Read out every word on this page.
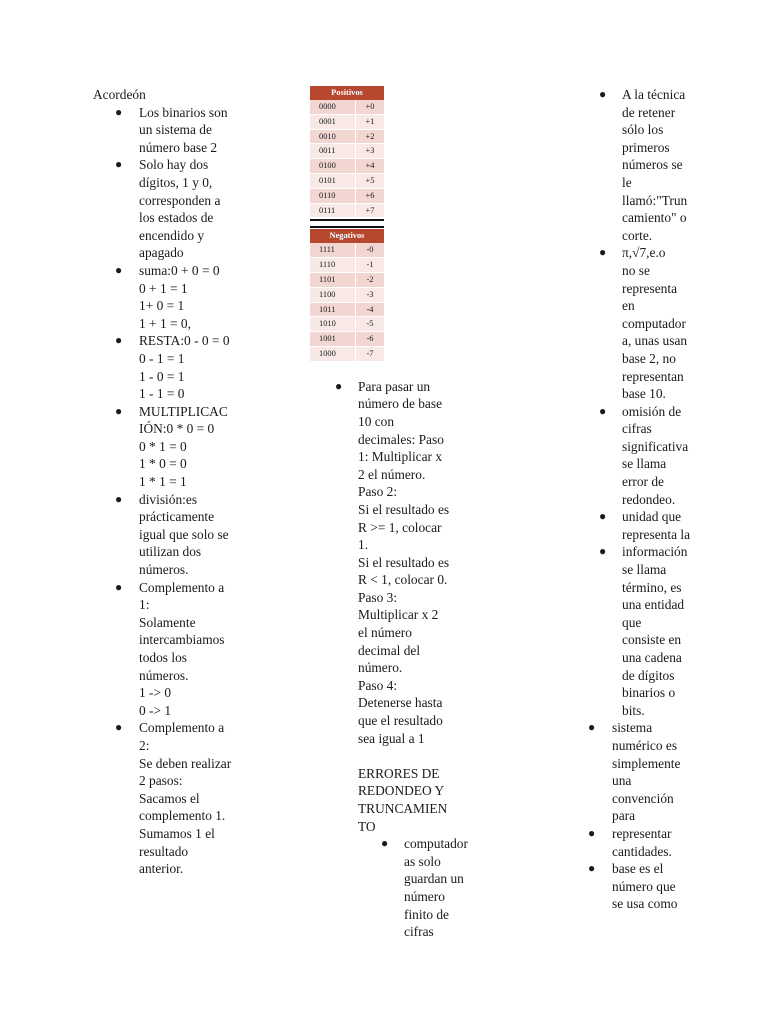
Acordeón
● Los binarios son
un sistema de
número base 2
● Solo hay dos
dígitos, 1 y 0,
corresponden a
los estados de
encendido y
apagado
● suma:0 + 0 = 0
0 + 1 = 1
1+ 0 = 1
1 + 1 = 0,
● RESTA:0 - 0 = 0
0 - 1 = 1
1 - 0 = 1
1 - 1 = 0
● MULTIPLICAC
IÓN:0 * 0 = 0
0 * 1 = 0
1 * 0 = 0
1 * 1 = 1
● división:es
prácticamente
igual que solo se
utilizan dos
números.
● Complemento a
1:
Solamente
intercambiamos
todos los
números.
1 -> 0
0 -> 1
● Complemento a
2:
Se deben realizar
2 pasos:
Sacamos el
complemento 1.
Sumamos 1 el
resultado
anterior.
Positivos	
0000	+0
0001	+1
0010	+2
0011	+3
0100	+4
0101	+5
0110	+6
0111	+7
Negativos	
1111	-0
1110	-1
1101	-2
1100	-3
1011	-4
1010	-5
1001	-6
1000	-7
● Para pasar un
número de base
10 con
decimales: Paso
1: Multiplicar x
2 el número.
Paso 2:
Si el resultado es
R >= 1, colocar
1.
Si el resultado es
R < 1, colocar 0.
Paso 3:
Multiplicar x 2
el número
decimal del
número.
Paso 4:
Detenerse hasta
que el resultado
sea igual a 1
ERRORES DE
REDONDEO Y
TRUNCAMIEN
TO
● computador
as solo
guardan un
número
finito de
cifras
● A la técnica
de retener
sólo los
primeros
números se
le
llamó:"Trun
camiento" o
corte.
● π,√7,e.o
no se
representa
en
computador
a, unas usan
base 2, no
representan
base 10.
● omisión de
cifras
significativa
se llama
error de
redondeo.
● unidad que
representa la
● información
se llama
término, es
una entidad
que
consiste en
una cadena
de dígitos
binarios o
bits.
● sistema
numérico es
simplemente
una
convención
para
● representar
cantidades.
● base es el
número que
se usa como
